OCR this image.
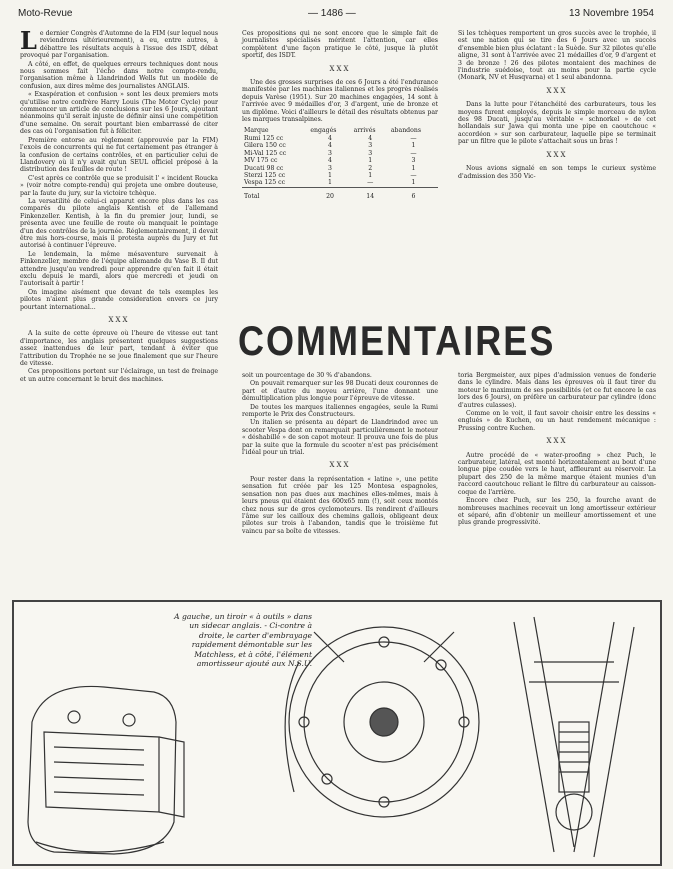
Moto-Revue	— 1486 —	13 Novembre 1954

Le dernier Congrès d'Automne de la FIM (sur lequel nous reviendrons ultérieurement), a eu, entre autres, à débattre les résultats acquis à l'issue des ISDT, débat provoqué par l'organisation.

A côté, en effet, de quelques erreurs techniques dont nous nous sommes fait l'écho dans notre compte-rendu, l'organisation même à Llandrindod Wells fut un modèle de confusion, aux dires même des journalistes ANGLAIS.

« Exaspération et confusion » sont les deux premiers mots qu'utilise notre confrère Harry Louis (The Motor Cycle) pour commencer un article de conclusions sur les 6 Jours, ajoutant néanmoins qu'il serait injuste de définir ainsi une compétition d'une semaine. On serait pourtant bien embarrassé de citer des cas où l'organisation fut à féliciter.

Première entorse au règlement (approuvée par la FIM) l'excès de concurrents qui ne fut certainement pas étranger à la confusion de certains contrôles, et en particulier celui de Llandovery où il n'y avait qu'un SEUL officiel préposé à la distribution des feuilles de route !

C'est après ce contrôle que se produisit l' « incident Roucka » (voir notre compte-rendu) qui projeta une ombre douteuse, par la faute du jury, sur la victoire tchèque.

La versatilité de celui-ci apparut encore plus dans les cas comparés du pilote anglais Kentish et de l'allemand Finkenzeller. Kentish, à la fin du premier jour, lundi, se présenta avec une feuille de route où manquait le pointage d'un des contrôles de la journée. Réglementairement, il devait être mis hors-course, mais il protesta auprès du Jury et fut autorisé à continuer l'épreuve.

Le lendemain, la même mésaventure survenait à Finkenzeller, membre de l'équipe allemande du Vase B. Il dut attendre jusqu'au vendredi pour apprendre qu'en fait il était exclu depuis le mardi, alors que mercredi et jeudi on l'autorisait à partir !

On imagine aisément que devant de tels exemples les pilotes n'aient plus grande consideration envers ce jury pourtant international...

XXX

A la suite de cette épreuve où l'heure de vitesse eut tant d'importance, les anglais présentent quelques suggestions assez inattendues de leur part, tendant à éviter que l'attribution du Trophée ne se joue finalement que sur l'heure de vitesse.

Ces propositions portent sur l'éclairage, un test de freinage et un autre concernant le bruit des machines.

Ces propositions qui ne sont encore que le simple fait de journalistes spécialisés méritent l'attention, car elles complètent d'une façon pratique le côté, jusque là plutôt sportif, des ISDT.

XXX

Une des grosses surprises de ces 6 Jours a été l'endurance manifestée par les machines italiennes et les progrès réalisés depuis Varèse (1951). Sur 20 machines engagées, 14 sont à l'arrivée avec 9 médailles d'or, 3 d'argent, une de bronze et un diplôme. Voici d'ailleurs le détail des résultats obtenus par les marques transalpines.

Marque	engagés	arrivés	abandons
Rumi 125 cc	4	4	—
Gilera 150 cc	4	3	1
Mi-Val 125 cc	3	3	—
MV 175 cc	4	1	3
Ducati 98 cc	3	2	1
Sterzi 125 cc	1	1	—
Vespa 125 cc	1	—	1
Total	20	14	6

Si les tchèques remportent un gros succès avec le trophée, il est une nation qui se tire des 6 Jours avec un succès d'ensemble bien plus éclatant : la Suède. Sur 32 pilotes qu'elle aligne, 31 sont à l'arrivée avec 21 médailles d'or, 9 d'argent et 3 de bronze ! 26 des pilotes montaient des machines de l'industrie suédoise, tout au moins pour la partie cycle (Monark, NV et Husqvarna) et 1 seul abandonna.

XXX

Dans la lutte pour l'étanchéité des carburateurs, tous les moyens furent employés, depuis le simple morceau de nylon des 98 Ducati, jusqu'au véritable « schnorkel » de cet hollandais sur Jawa qui monta une pipe en caoutchouc « accordéon » sur son carburateur, laquelle pipe se terminait par un filtre que le pilote s'attachait sous un bras !

XXX

Nous avions signalé en son temps le curieux système d'admission des 350 Vic-

COMMENTAIRES

soit un pourcentage de 30 % d'abandons.

On pouvait remarquer sur les 98 Ducati deux couronnes de part et d'autre du moyeu arrière, l'une donnant une démultiplication plus longue pour l'épreuve de vitesse.

De toutes les marques italiennes engagées, seule la Rumi remporte le Prix des Constructeurs.

Un italien se présenta au départ de Llandrindod avec un scooter Vespa dont on remarquait particulièrement le moteur « déshabillé » de son capot moteur. Il prouva une fois de plus par la suite que la formule du scooter n'est pas précisément l'idéal pour un trial.

XXX

Pour rester dans la représentation « latine », une petite sensation fut créée par les 125 Montesa espagnoles, sensation non pas dues aux machines elles-mêmes, mais à leurs pneus qui étaient des 600x65 mm (!), soit ceux montés chez nous sur de gros cyclomoteurs. Ils rendirent d'ailleurs l'âme sur les cailloux des chemins gallois, obligeant deux pilotes sur trois à l'abandon, tandis que le troisième fut vaincu par sa boîte de vitesses.

toria Bergmeister, aux pipes d'admission venues de fonderie dans le cylindre. Mais dans les épreuves où il faut tirer du moteur le maximum de ses possibilités (et ce fut encore le cas lors des 6 Jours), on préfère un carburateur par cylindre (donc d'autres culasses).

Comme on le voit, il faut savoir choisir entre les dessins « englués » de Kuchen, ou un haut rendement mécanique : Prussing contre Kuchen.

XXX

Autre procédé de « water-proofing » chez Puch, le carburateur, latéral, est monté horizontalement au bout d'une longue pipe coudée vers le haut, affleurant au réservoir. La plupart des 250 de la même marque étaient munies d'un raccord caoutchouc reliant le filtre du carburateur au caisson-coque de l'arrière.

Encore chez Puch, sur les 250, la fourche avant de nombreuses machines recevait un long amortisseur extérieur et séparé, afin d'obtenir un meilleur amortissement et une plus grande progressivité.

A gauche, un tiroir « à outils » dans un sidecar anglais. - Ci-contre à droite, le carter d'embrayage rapidement démontable sur les Matchless, et à côté, l'élément amortisseur ajouté aux N.S.U.
